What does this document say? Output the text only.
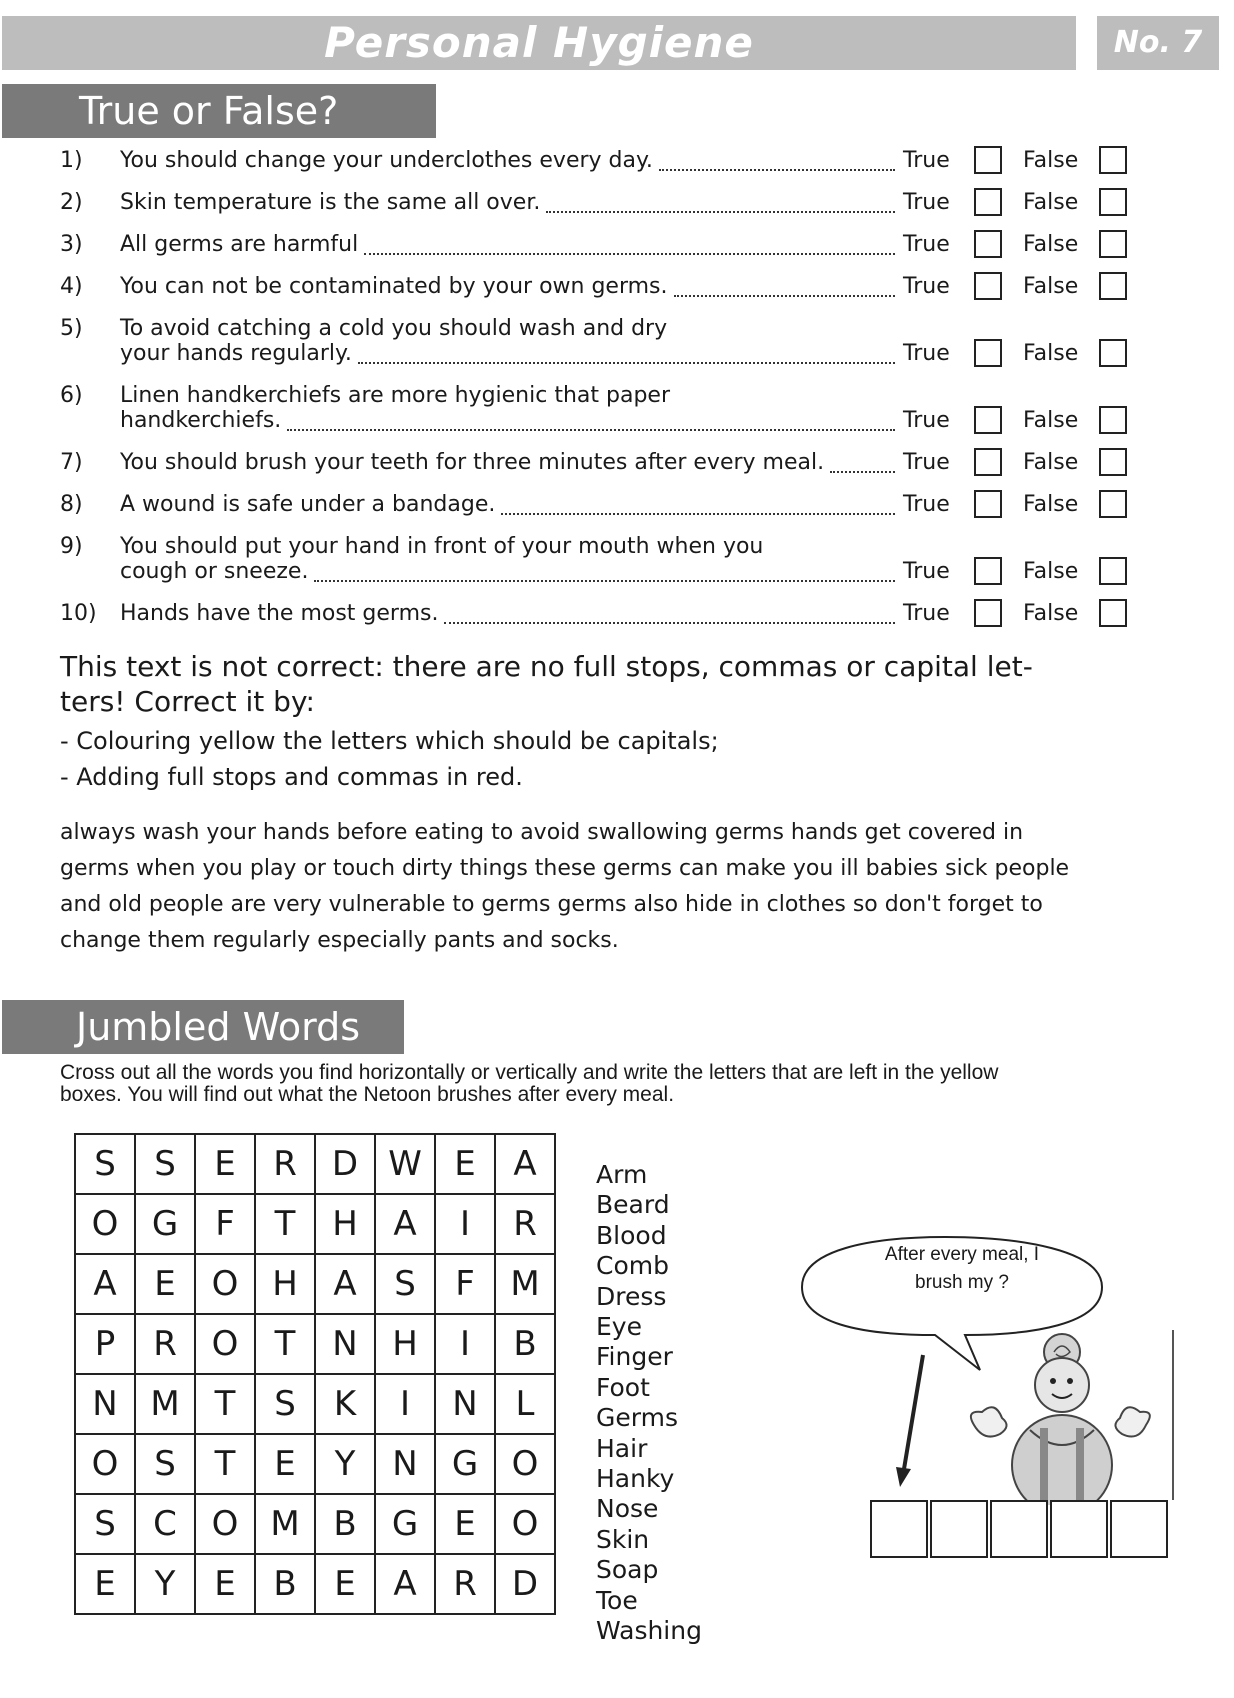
Personal Hygiene	No. 7
True or False?
1) You should change your underclothes every day.	True	False
2) Skin temperature is the same all over.	True	False
3) All germs are harmful	True	False
4) You can not be contaminated by your own germs.	True	False
5) To avoid catching a cold you should wash and dry
your hands regularly.	True	False
6) Linen handkerchiefs are more hygienic that paper
handkerchiefs.	True	False
7) You should brush your teeth for three minutes after every meal.	True	False
8) A wound is safe under a bandage.	True	False
9) You should put your hand in front of your mouth when you
cough or sneeze.	True	False
10) Hands have the most germs.	True	False
This text is not correct: there are no full stops, commas or capital let-
ters! Correct it by:
- Colouring yellow the letters which should be capitals;
- Adding full stops and commas in red.
always wash your hands before eating to avoid swallowing germs hands get covered in
germs when you play or touch dirty things these germs can make you ill babies sick people
and old people are very vulnerable to germs germs also hide in clothes so don't forget to
change them regularly especially pants and socks.
Jumbled Words
Cross out all the words you find horizontally or vertically and write the letters that are left in the yellow
boxes. You will find out what the Netoon brushes after every meal.
S	S	E	R	D	W	E	A
O	G	F	T	H	A	I	R
A	E	O	H	A	S	F	M
P	R	O	T	N	H	I	B
N	M	T	S	K	I	N	L
O	S	T	E	Y	N	G	O
S	C	O	M	B	G	E	O
E	Y	E	B	E	A	R	D
Arm
Beard
Blood
Comb
Dress
Eye
Finger
Foot
Germs
Hair
Hanky
Nose
Skin
Soap
Toe
Washing
After every meal, I
brush my ?
